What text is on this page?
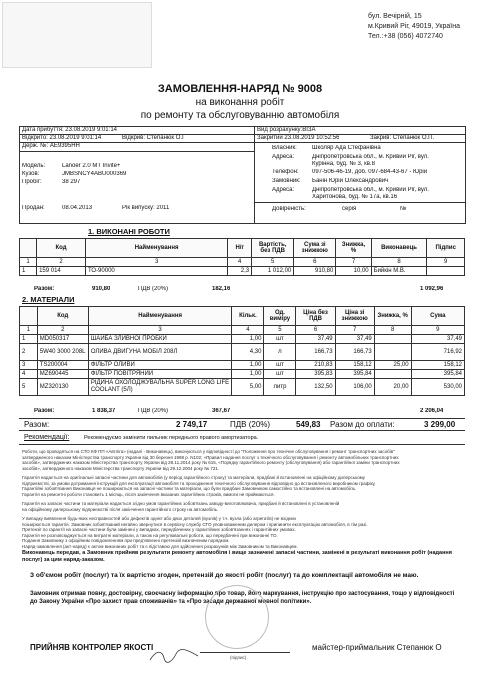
бул. Вечірній, 15
м.Кривий Ріг, 49019, Україна
Тел.:+38 (056) 4072740
ЗАМОВЛЕННЯ-НАРЯД № 9008
на виконання робіт
по ремонту та обслуговуванню автомобіля
Дата прибуття: 23.08.2019 9:01:14
Відкрито: 23.08.2019 9:01:14	Відкрив: Степанюк О.І
Держ. №: АЕ9395НН
Модель:	Lanoer 2.0 MT Invite+
Кузов:	JMBSNCY4ABU000369
Пробіг:	38 297
Продан:	08.04.2013	Рік випуску: 2011
Вид розрахунку:ВІЗА
Закритий 23.08.2019 10:52:56	Закрив: Степанюк О.П.
Власник:	Школяр Ада Стефанівна
Адреса:	Дніпропетровська обл., м. Кривий Ріг, вул.
Курінна, буд. № 3, кв.8
Телефон: 097-506-46-19, доб. 097-684-43-67 - Юрій
Замовник: Банін Юрій Олександрович
Адреса:	Дніпропетровська обл., м. Кривий Ріг, вул.
Харитонова, буд. № 17а, кв.16
Довіреність:	серія	№
1. ВИКОНАНІ РОБОТИ
	Код	Найменування	Н/г	Вартість, без ПДВ	Сума зі знижкою	Знижка, %	Виконавець	Підпис
1	2	3	4	5	6	7	8	9
1	159 014	ТО-90000	2,3	1 012,00	910,80	10,00	Бийкін М.В.	
Разом:	910,80	ПДВ (20%)	182,16	1 092,96
2. МАТЕРІАЛИ
	Код	Найменування	Кільк.	Од. виміру	Ціна без ПДВ	Ціна зі знижкою	Знижка, %	Сума
1	2	3	4	5	6	7	8	9
1	MD050317	ШАЙБА ЗЛИВНОЇ ПРОБКИ	1,00	шт	37,49	37,49		37,49
2	5W40 3000 208L	ОЛИВА ДВИГУНА МОБІЛ 208Л	4,30	л	166,73	166,73		716,92
3	TS200004	ФІЛЬТР ОЛИВИ	1,00	шт	210,83	158,12	25,00	158,12
4	MZ690445	ФІЛЬТР ПОВІТРЯНИЙ	1,00	шт	395,83	395,84		395,84
5	MZ320130	РІДИНА ОХОЛОДЖУВАЛЬНА SUPER LONG LIFE COOLANT (5Л)	5,00	литр	132,50	106,00	20,00	530,00
Разом:	1 838,37	ПДВ (20%)	367,67	2 206,04
Разом:	2 749,17	ПДВ (20%)	549,83 Разом до оплати:	3 299,00
Рекомендації:	Рекомендуємо замінити пильник переднього правого амортизатора.
Роботи, що проводяться на СТО КФ ПП «Автліга» (надалі - Виконавець), виконуються у відповідності до "Положення про технічне обслуговування і ремонт транспортних засобів"
затвердженого наказом Міністерства транспорту України від 30 березня 1998 р. N102; «Правил надання послуг з технічного обслуговування і ремонту автомобільних транспортних
засобів», затверджених наказом Міністерства транспорту України від 28.11.2014 року № 615, «Порядку гарантійного ремонту (обслуговування) або гарантійної заміни транспортних
засобів», затвердженого наказом Міністерства транспорту України від 29.12.2004 року № 721.
Гарантія надається на оригінальні запасні частини для автомобілів (у період гарантійного строку) та матеріали, придбані й встановлені на офіційному дилерському
підприємстві, за умови дотримання інструкцій для експлуатації автомобіля та проходження технічного обслуговування відповідно до встановленого виробником графіку,
Гарантійні зобов'язання Виконавця не поширюються на запасні частини та матеріали, що були придбані Замовником самостійно та встановлені на автомобіль.
Гарантія на ремонтні роботи становить 1 місяць, після закінчення вказаних гарантійних строків, вимоги не приймаються.
Гарантія на запасні частини та матеріали надається згідно умов гарантійних зобов'язань заводу-виготовлювача, придбані й встановлені в установленій
на офіційному дилерському підприємстві після закінчення гарантійного строку на автомобіль.
У випадку виявлення будь-яких несправностей або дефектів однієї або двох деталей (вузлів) у т.ч. вузла (або агрегатів) не вхідних
поширюється гарантія. Замовник зобов'язаний негайно звернутися в сервісну службу СТО уповноваженим дилером і припинити експлуатацію автомобіля, в тім разі.
Претензії по гарантії на запасні частини були замінені у випадках, передбачених у гарантійних зобов'язаннях і гарантійних умовах.
Гарантія не розповсюджується на витратні матеріали, а також на регулювальні роботи, що передбачені при виконанні ТО.
Подання Замовнику з офіційним повідомленням при пред'явленні претензій визначеним порядком.
Наряд-замовлення (акт-наряд) є актом виконаних робіт та є підставою для здійснення розрахунків між Замовником та Виконавцем.
Виконавець передав, а Замовник прийняв результати ремонту автомобіля і вище зазначені запасні частини, замінені в результаті виконання робіт (надання послуг) за цим наряд-заказом.
З об'ємом робіт (послуг) та їх вартістю згоден, претензій до якості робіт (послуг) та до комплектації автомобіля не маю.
Замовник отримав повну, достовірну, своєчасну інформацію про товар, його маркування, інструкцію про застосування, тощо у відповідності до Закону України «Про захист прав споживачів» та «Про засади державної мовної політики».
ПРИЙНЯВ КОНТРОЛЕР ЯКОСТІ
(підпис)
майстер-приймальник Степанюк О
